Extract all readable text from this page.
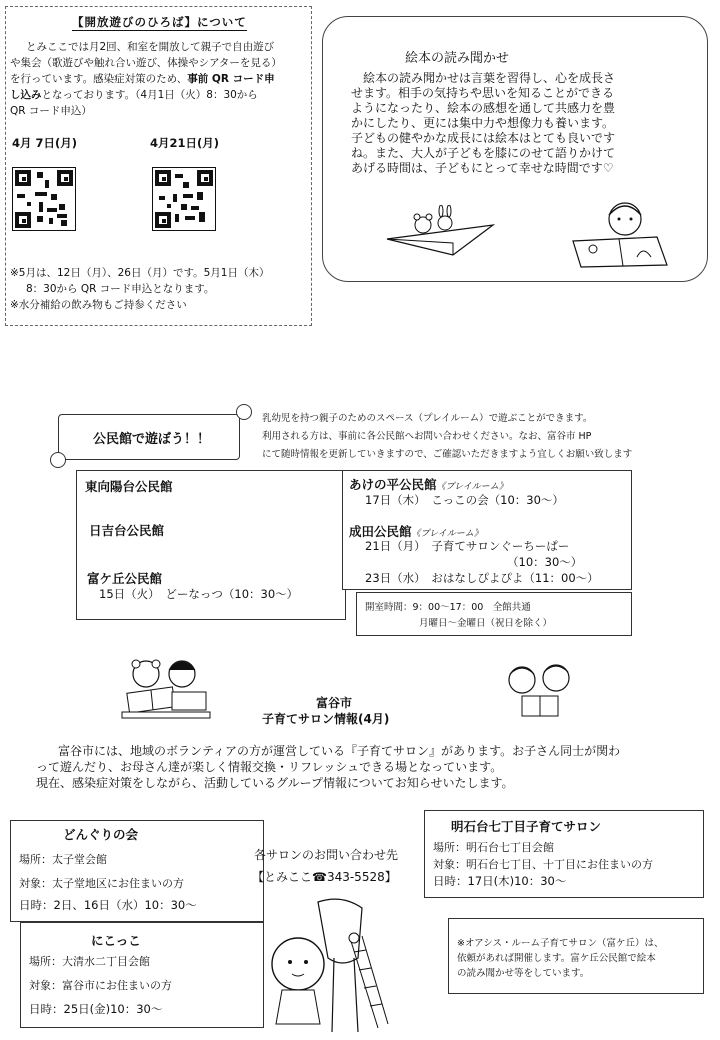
【開放遊びのひろば】について
とみここでは月2回、和室を開放して親子で自由遊び
や集会（歌遊びや触れ合い遊び、体操やシアターを見る）
を行っています。感染症対策のため、事前 QR コード申
し込みとなっております。（4月1日（火）8：30から
QR コード申込）
4月 7日(月)	4月21日(月)
※5月は、12日（月）、26日（月）です。5月1日（木）
8：30から QR コード申込となります。
※水分補給の飲み物もご持参ください
絵本の読み聞かせ
　絵本の読み聞かせは言葉を習得し、心を成長さ
せます。相手の気持ちや思いを知ることができる
ようになったり、絵本の感想を通して共感力を豊
かにしたり、更には集中力や想像力も養います。
子どもの健やかな成長には絵本はとても良いです
ね。また、大人が子どもを膝にのせて語りかけて
あげる時間は、子どもにとって幸せな時間です♡
公民館で遊ぼう！！
乳幼児を持つ親子のためのスペース（プレイルーム）で遊ぶことができます。
利用される方は、事前に各公民館へお問い合わせください。なお、富谷市 HP
にて随時情報を更新していきますので、ご確認いただきますよう宜しくお願い致します
東向陽台公民館
日吉台公民館
富ケ丘公民館
15日（火）　どーなっつ（10：30〜）
あけの平公民館《プレイルーム》
17日（木）　こっこの会（10：30〜）
成田公民館《プレイルーム》
21日（月）　子育てサロンぐーちーぱー
（10：30〜）
23日（水）　おはなしぴよぴよ（11：00〜）
開室時間：9：00〜17：00　全館共通
月曜日〜金曜日（祝日を除く）
富谷市
子育てサロン情報(4月)
富谷市には、地域のボランティアの方が運営している『子育てサロン』があります。お子さん同士が関わ
って遊んだり、お母さん達が楽しく情報交換・リフレッシュできる場となっています。
現在、感染症対策をしながら、活動しているグループ情報についてお知らせいたします。
どんぐりの会
場所：太子堂会館
対象：太子堂地区にお住まいの方
日時：2日、16日（水）10：30〜
にこっこ
場所：大清水二丁目会館
対象：富谷市にお住まいの方
日時：25日(金)10：30〜
各サロンのお問い合わせ先
【とみここ☎343-5528】
明石台七丁目子育てサロン
場所：明石台七丁目会館
対象：明石台七丁目、十丁目にお住まいの方
日時：17日(木)10：30〜
※オアシス・ルーム子育てサロン（富ケ丘）は、
依頼があれば開催します。富ケ丘公民館で絵本
の読み聞かせ等をしています。
